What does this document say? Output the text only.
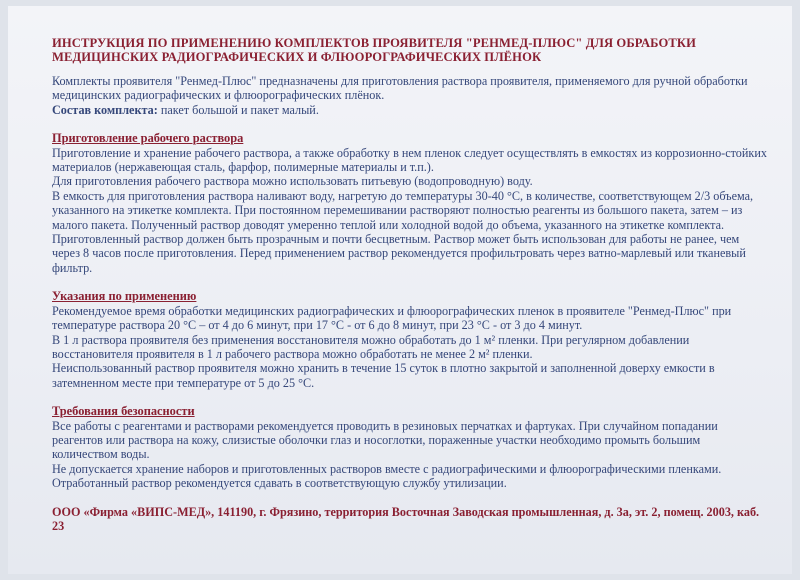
ИНСТРУКЦИЯ ПО ПРИМЕНЕНИЮ КОМПЛЕКТОВ ПРОЯВИТЕЛЯ "РЕНМЕД-ПЛЮС" ДЛЯ ОБРАБОТКИ МЕДИЦИНСКИХ РАДИОГРАФИЧЕСКИХ И ФЛЮОРОГРАФИЧЕСКИХ ПЛЁНОК

Комплекты проявителя "Ренмед-Плюс" предназначены для приготовления раствора проявителя, применяемого для ручной обработки медицинских радиографических и флюорографических плёнок.

Состав комплекта: пакет большой и пакет малый.

Приготовление рабочего раствора

Приготовление и хранение рабочего раствора, а также обработку в нем пленок следует осуществлять в емкостях из коррозионно-стойких материалов (нержавеющая сталь, фарфор, полимерные материалы и т.п.).

Для приготовления рабочего раствора можно использовать питьевую (водопроводную) воду.

В емкость для приготовления раствора наливают воду, нагретую до температуры 30-40 °С, в количестве, соответствующем 2/3 объема, указанного на этикетке комплекта. При постоянном перемешивании растворяют полностью реагенты из большого пакета, затем – из малого пакета. Полученный раствор доводят умеренно теплой или холодной водой до объема, указанного на этикетке комплекта. Приготовленный раствор должен быть прозрачным и почти бесцветным. Раствор может быть использован для работы не ранее, чем через 8 часов после приготовления. Перед применением раствор рекомендуется профильтровать через ватно-марлевый или тканевый фильтр.

Указания по применению

Рекомендуемое время обработки медицинских радиографических и флюорографических пленок в проявителе "Ренмед-Плюс" при температуре раствора 20 °С – от 4 до 6 минут, при 17 °С - от 6 до 8 минут, при 23 °С - от 3 до 4 минут.

В 1 л раствора проявителя без применения восстановителя можно обработать до 1 м² пленки. При регулярном добавлении восстановителя проявителя в 1 л рабочего раствора можно обработать не менее 2 м² пленки.

Неиспользованный раствор проявителя можно хранить в течение 15 суток в плотно закрытой и заполненной доверху емкости в затемненном месте при температуре от 5 до 25 °С.

Требования безопасности

Все работы с реагентами и растворами рекомендуется проводить в резиновых перчатках и фартуках. При случайном попадании реагентов или раствора на кожу, слизистые оболочки глаз и носоглотки, пораженные участки необходимо промыть большим количеством воды.

Не допускается хранение наборов и приготовленных растворов вместе с радиографическими и флюорографическими пленками.

Отработанный раствор рекомендуется сдавать в соответствующую службу утилизации.

ООО «Фирма «ВИПС-МЕД», 141190, г. Фрязино, территория Восточная Заводская промышленная, д. 3а, эт. 2, помещ. 2003, каб. 23
